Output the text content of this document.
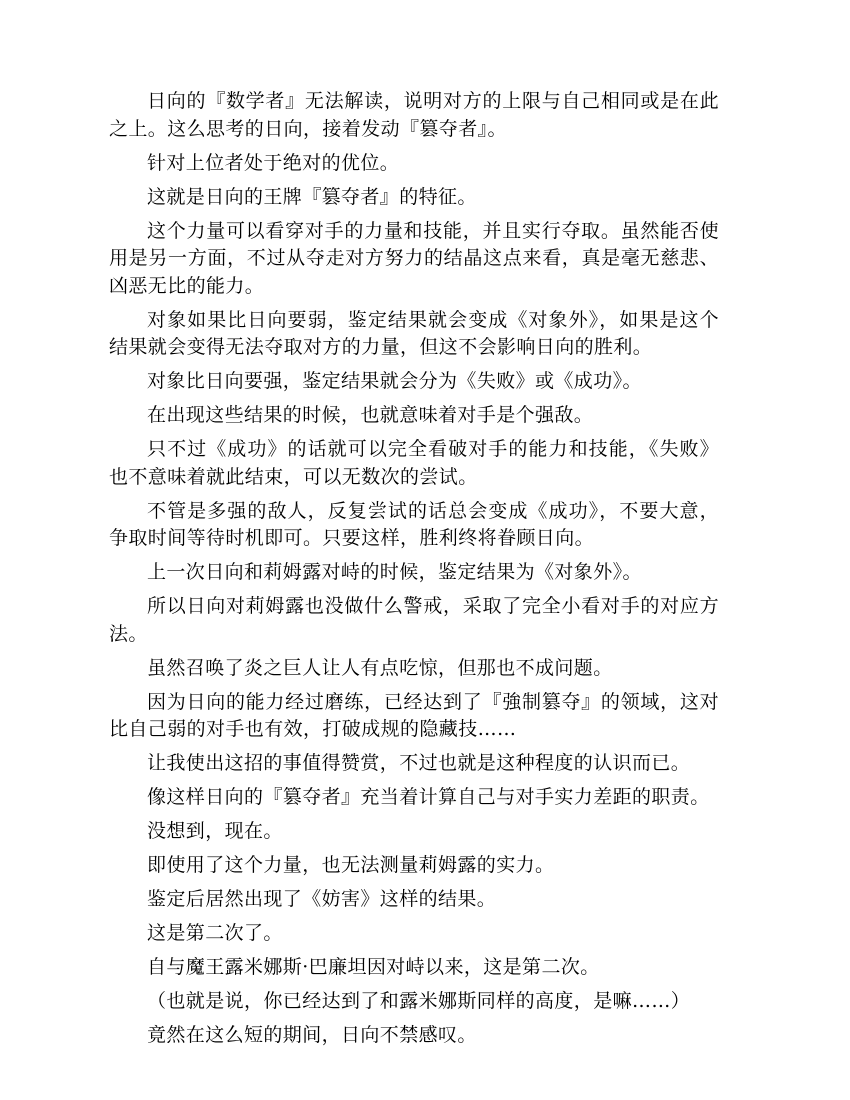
日向的『数学者』无法解读，说明对方的上限与自己相同或是在此之上。这么思考的日向，接着发动『篡夺者』。

针对上位者处于绝对的优位。

这就是日向的王牌『篡夺者』的特征。

这个力量可以看穿对手的力量和技能，并且实行夺取。虽然能否使用是另一方面，不过从夺走对方努力的结晶这点来看，真是毫无慈悲、凶恶无比的能力。

对象如果比日向要弱，鉴定结果就会变成《对象外》，如果是这个结果就会变得无法夺取对方的力量，但这不会影响日向的胜利。

对象比日向要强，鉴定结果就会分为《失败》或《成功》。

在出现这些结果的时候，也就意味着对手是个强敌。

只不过《成功》的话就可以完全看破对手的能力和技能，《失败》也不意味着就此结束，可以无数次的尝试。

不管是多强的敌人，反复尝试的话总会变成《成功》，不要大意，争取时间等待时机即可。只要这样，胜利终将眷顾日向。

上一次日向和莉姆露对峙的时候，鉴定结果为《对象外》。

所以日向对莉姆露也没做什么警戒，采取了完全小看对手的对应方法。

虽然召唤了炎之巨人让人有点吃惊，但那也不成问题。

因为日向的能力经过磨练，已经达到了『強制篡夺』的领域，这对比自己弱的对手也有效，打破成规的隐藏技……

让我使出这招的事值得赞赏，不过也就是这种程度的认识而已。

像这样日向的『篡夺者』充当着计算自己与对手实力差距的职责。

没想到，现在。

即使用了这个力量，也无法测量莉姆露的实力。

鉴定后居然出现了《妨害》这样的结果。

这是第二次了。

自与魔王露米娜斯·巴廉坦因对峙以来，这是第二次。

（也就是说，你已经达到了和露米娜斯同样的高度，是嘛……）

竟然在这么短的期间，日向不禁感叹。
